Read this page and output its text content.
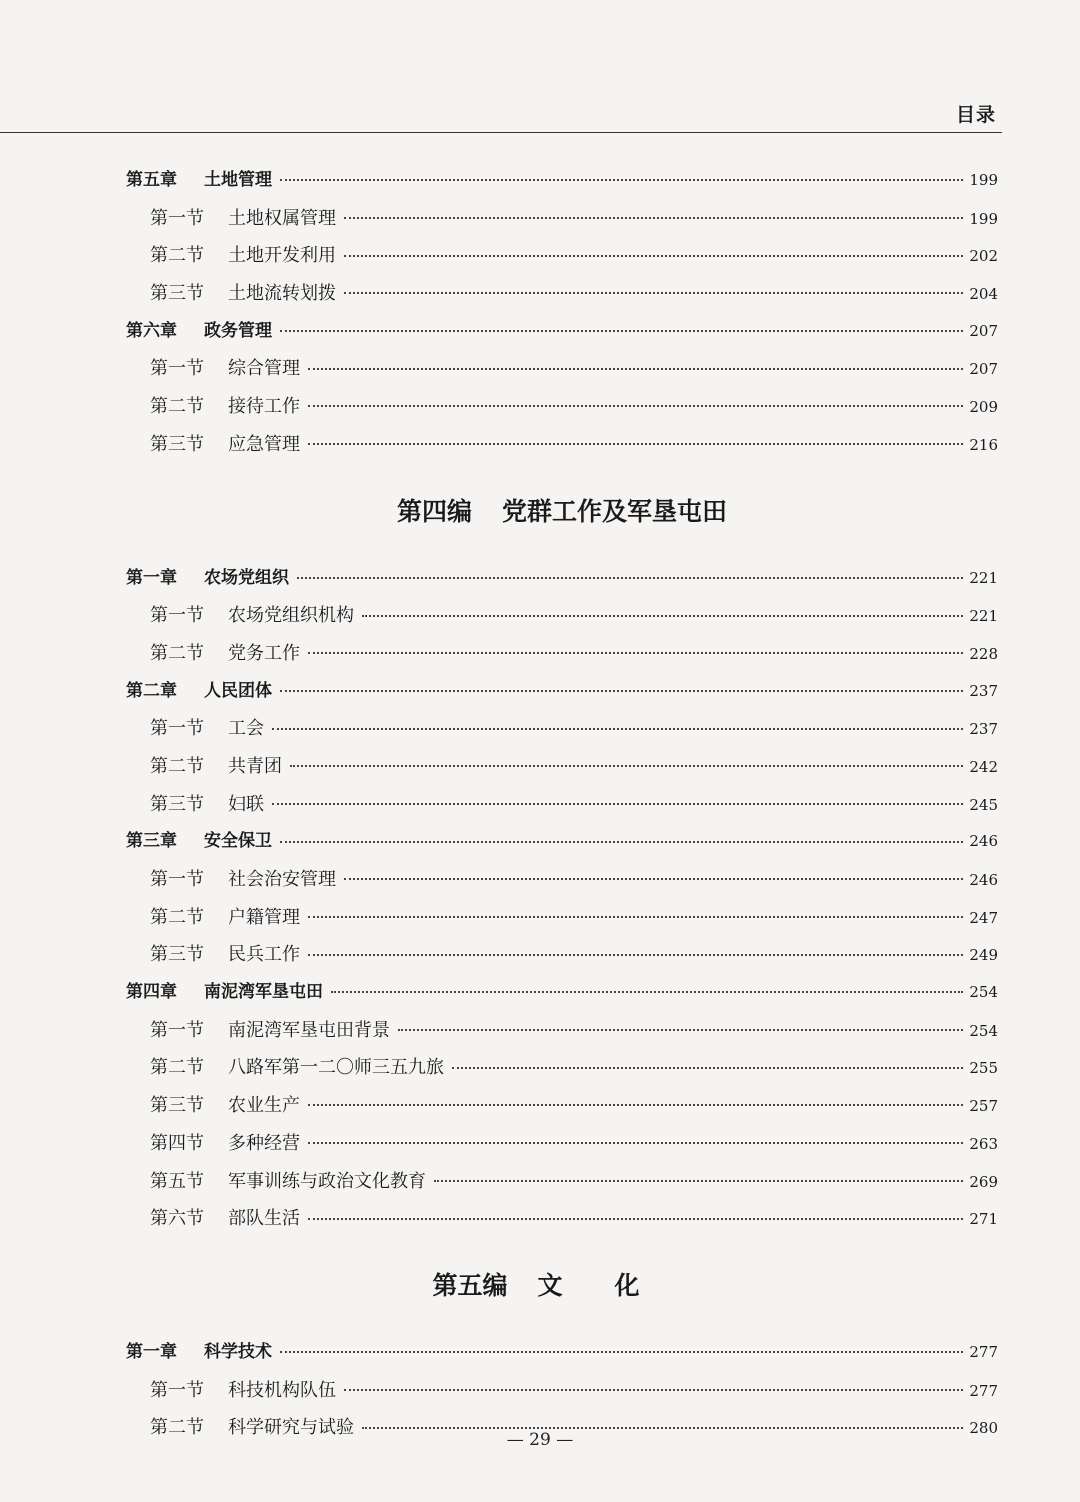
目录
第五章 土地管理	199
第一节 土地权属管理	199
第二节 土地开发利用	202
第三节 土地流转划拨	204
第六章 政务管理	207
第一节 综合管理	207
第二节 接待工作	209
第三节 应急管理	216
第四编 党群工作及军垦屯田
第一章 农场党组织	221
第一节 农场党组织机构	221
第二节 党务工作	228
第二章 人民团体	237
第一节 工会	237
第二节 共青团	242
第三节 妇联	245
第三章 安全保卫	246
第一节 社会治安管理	246
第二节 户籍管理	247
第三节 民兵工作	249
第四章 南泥湾军垦屯田	254
第一节 南泥湾军垦屯田背景	254
第二节 八路军第一二〇师三五九旅	255
第三节 农业生产	257
第四节 多种经营	263
第五节 军事训练与政治文化教育	269
第六节 部队生活	271
第五编 文化
第一章 科学技术	277
第一节 科技机构队伍	277
第二节 科学研究与试验	280
— 29 —
